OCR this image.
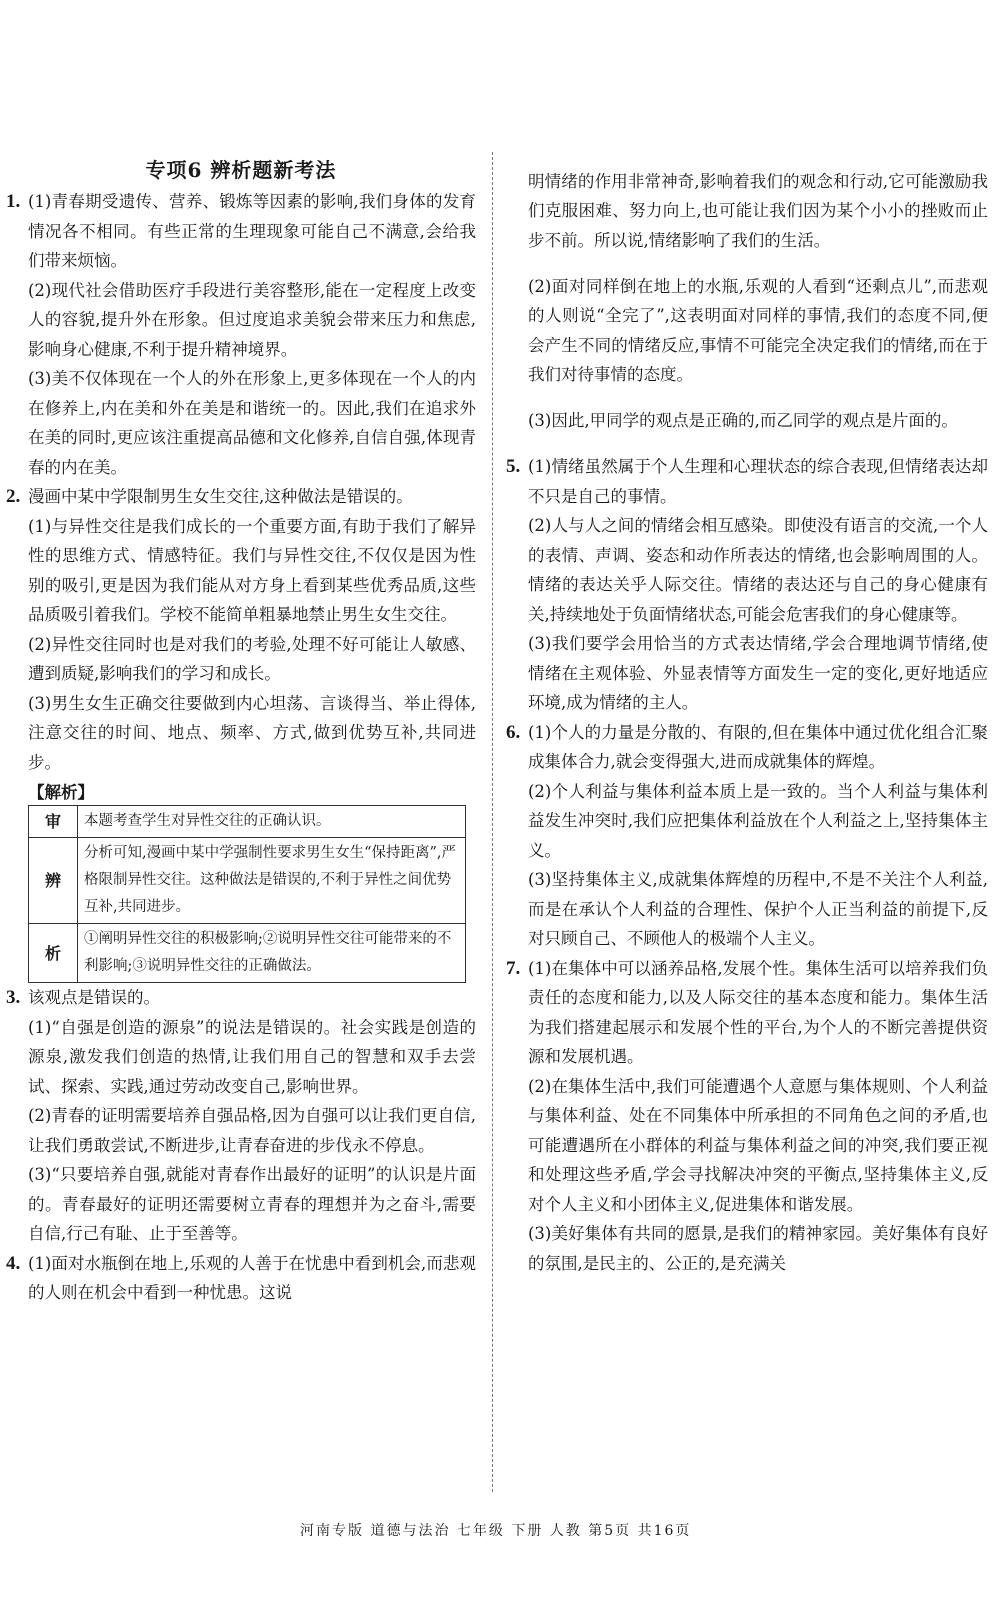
专项6 辨析题新考法
1. (1)青春期受遗传、营养、锻炼等因素的影响,我们身体的发育情况各不相同。有些正常的生理现象可能自己不满意,会给我们带来烦恼。

(2)现代社会借助医疗手段进行美容整形,能在一定程度上改变人的容貌,提升外在形象。但过度追求美貌会带来压力和焦虑,影响身心健康,不利于提升精神境界。

(3)美不仅体现在一个人的外在形象上,更多体现在一个人的内在修养上,内在美和外在美是和谐统一的。因此,我们在追求外在美的同时,更应该注重提高品德和文化修养,自信自强,体现青春的内在美。

2. 漫画中某中学限制男生女生交往,这种做法是错误的。

(1)与异性交往是我们成长的一个重要方面,有助于我们了解异性的思维方式、情感特征。我们与异性交往,不仅仅是因为性别的吸引,更是因为我们能从对方身上看到某些优秀品质,这些品质吸引着我们。学校不能简单粗暴地禁止男生女生交往。

(2)异性交往同时也是对我们的考验,处理不好可能让人敏感、遭到质疑,影响我们的学习和成长。

(3)男生女生正确交往要做到内心坦荡、言谈得当、举止得体,注意交往的时间、地点、频率、方式,做到优势互补,共同进步。

【解析】
审	本题考查学生对异性交往的正确认识。
辨	分析可知,漫画中某中学强制性要求男生女生“保持距离”,严格限制异性交往。这种做法是错误的,不利于异性之间优势互补,共同进步。
析	①阐明异性交往的积极影响;②说明异性交往可能带来的不利影响;③说明异性交往的正确做法。
3. 该观点是错误的。

(1)“自强是创造的源泉”的说法是错误的。社会实践是创造的源泉,激发我们创造的热情,让我们用自己的智慧和双手去尝试、探索、实践,通过劳动改变自己,影响世界。

(2)青春的证明需要培养自强品格,因为自强可以让我们更自信,让我们勇敢尝试,不断进步,让青春奋进的步伐永不停息。

(3)“只要培养自强,就能对青春作出最好的证明”的认识是片面的。青春最好的证明还需要树立青春的理想并为之奋斗,需要自信,行己有耻、止于至善等。

4. (1)面对水瓶倒在地上,乐观的人善于在忧患中看到机会,而悲观的人则在机会中看到一种忧患。这说

明情绪的作用非常神奇,影响着我们的观念和行动,它可能激励我们克服困难、努力向上,也可能让我们因为某个小小的挫败而止步不前。所以说,情绪影响了我们的生活。

(2)面对同样倒在地上的水瓶,乐观的人看到“还剩点儿”,而悲观的人则说“全完了”,这表明面对同样的事情,我们的态度不同,便会产生不同的情绪反应,事情不可能完全决定我们的情绪,而在于我们对待事情的态度。

(3)因此,甲同学的观点是正确的,而乙同学的观点是片面的。

5. (1)情绪虽然属于个人生理和心理状态的综合表现,但情绪表达却不只是自己的事情。

(2)人与人之间的情绪会相互感染。即使没有语言的交流,一个人的表情、声调、姿态和动作所表达的情绪,也会影响周围的人。情绪的表达关乎人际交往。情绪的表达还与自己的身心健康有关,持续地处于负面情绪状态,可能会危害我们的身心健康等。

(3)我们要学会用恰当的方式表达情绪,学会合理地调节情绪,使情绪在主观体验、外显表情等方面发生一定的变化,更好地适应环境,成为情绪的主人。

6. (1)个人的力量是分散的、有限的,但在集体中通过优化组合汇聚成集体合力,就会变得强大,进而成就集体的辉煌。

(2)个人利益与集体利益本质上是一致的。当个人利益与集体利益发生冲突时,我们应把集体利益放在个人利益之上,坚持集体主义。

(3)坚持集体主义,成就集体辉煌的历程中,不是不关注个人利益,而是在承认个人利益的合理性、保护个人正当利益的前提下,反对只顾自己、不顾他人的极端个人主义。

7. (1)在集体中可以涵养品格,发展个性。集体生活可以培养我们负责任的态度和能力,以及人际交往的基本态度和能力。集体生活为我们搭建起展示和发展个性的平台,为个人的不断完善提供资源和发展机遇。

(2)在集体生活中,我们可能遭遇个人意愿与集体规则、个人利益与集体利益、处在不同集体中所承担的不同角色之间的矛盾,也可能遭遇所在小群体的利益与集体利益之间的冲突,我们要正视和处理这些矛盾,学会寻找解决冲突的平衡点,坚持集体主义,反对个人主义和小团体主义,促进集体和谐发展。

(3)美好集体有共同的愿景,是我们的精神家园。美好集体有良好的氛围,是民主的、公正的,是充满关

河南专版 道德与法治 七年级 下册 人教 第5页 共16页
